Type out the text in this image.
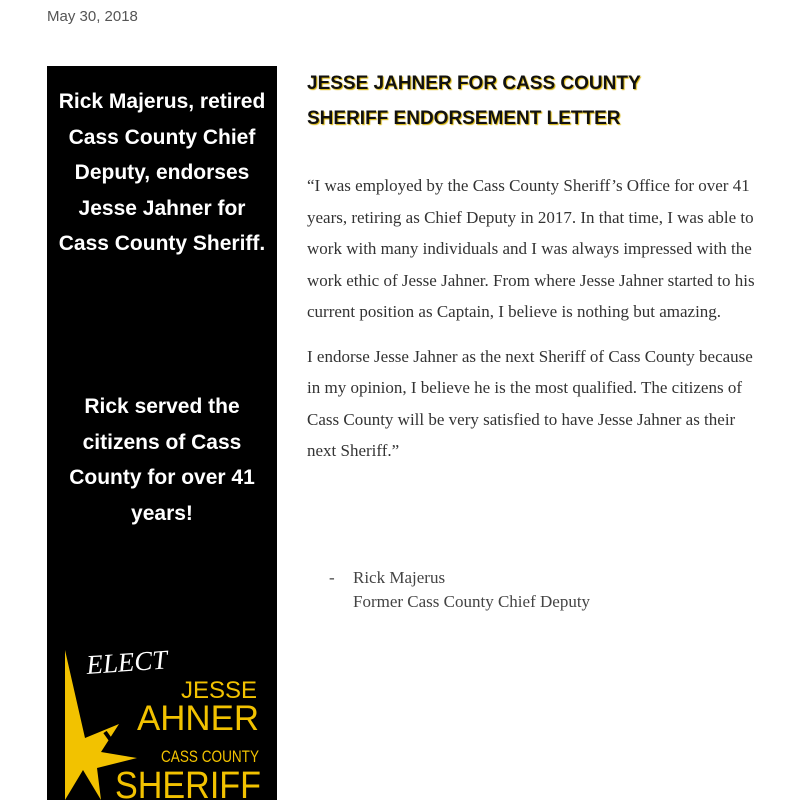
May 30, 2018
Rick Majerus, retired Cass County Chief Deputy, endorses Jesse Jahner for Cass County Sheriff.
Rick served the citizens of Cass County for over 41 years!
ELECT
JESSE
AHNER
CASS COUNTY
SHERIFF
JESSE JAHNER FOR CASS COUNTY
SHERIFF ENDORSEMENT LETTER

“I was employed by the Cass County Sheriff’s Office for over 41 years, retiring as Chief Deputy in 2017. In that time, I was able to work with many individuals and I was always impressed with the work ethic of Jesse Jahner. From where Jesse Jahner started to his current position as Captain, I believe is nothing but amazing.

I endorse Jesse Jahner as the next Sheriff of Cass County because in my opinion, I believe he is the most qualified. The citizens of Cass County will be very satisfied to have Jesse Jahner as their next Sheriff.”

- Rick Majerus
Former Cass County Chief Deputy
